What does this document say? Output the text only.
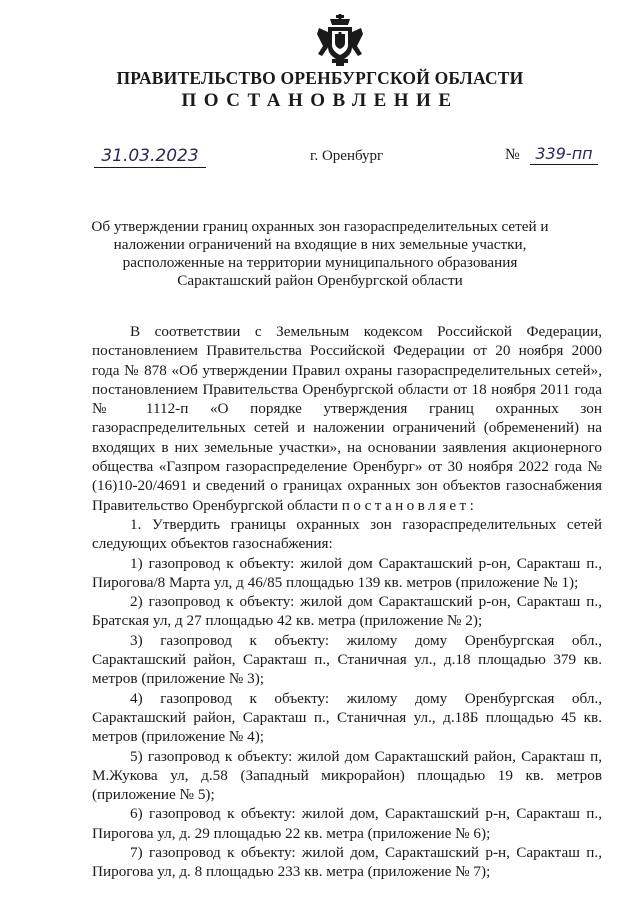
ПРАВИТЕЛЬСТВО ОРЕНБУРГСКОЙ ОБЛАСТИ
ПОСТАНОВЛЕНИЕ
31.03.2023	г. Оренбург	№ 339-пп
Об утверждении границ охранных зон газораспределительных сетей и наложении ограничений на входящие в них земельные участки, расположенные на территории муниципального образования Саракташский район Оренбургской области

В соответствии с Земельным кодексом Российской Федерации, постановлением Правительства Российской Федерации от 20 ноября 2000 года № 878 «Об утверждении Правил охраны газораспределительных сетей», постановлением Правительства Оренбургской области от 18 ноября 2011 года № 1112-п «О порядке утверждения границ охранных зон газораспределительных сетей и наложении ограничений (обременений) на входящих в них земельные участки», на основании заявления акционерного общества «Газпром газораспределение Оренбург» от 30 ноября 2022 года № (16)10-20/4691 и сведений о границах охранных зон объектов газоснабжения Правительство Оренбургской области постановляет:

1. Утвердить границы охранных зон газораспределительных сетей следующих объектов газоснабжения:

1) газопровод к объекту: жилой дом Саракташский р-он, Саракташ п., Пирогова/8 Марта ул, д 46/85 площадью 139 кв. метров (приложение № 1);

2) газопровод к объекту: жилой дом Саракташский р-он, Саракташ п., Братская ул, д 27 площадью 42 кв. метра (приложение № 2);

3) газопровод к объекту: жилому дому Оренбургская обл., Саракташский район, Саракташ п., Станичная ул., д.18 площадью 379 кв. метров (приложение № 3);

4) газопровод к объекту: жилому дому Оренбургская обл., Саракташский район, Саракташ п., Станичная ул., д.18Б площадью 45 кв. метров (приложение № 4);

5) газопровод к объекту: жилой дом Саракташский район, Саракташ п, М.Жукова ул, д.58 (Западный микрорайон) площадью 19 кв. метров (приложение № 5);

6) газопровод к объекту: жилой дом, Саракташский р-н, Саракташ п., Пирогова ул, д. 29 площадью 22 кв. метра (приложение № 6);

7) газопровод к объекту: жилой дом, Саракташский р-н, Саракташ п., Пирогова ул, д. 8 площадью 233 кв. метра (приложение № 7);
